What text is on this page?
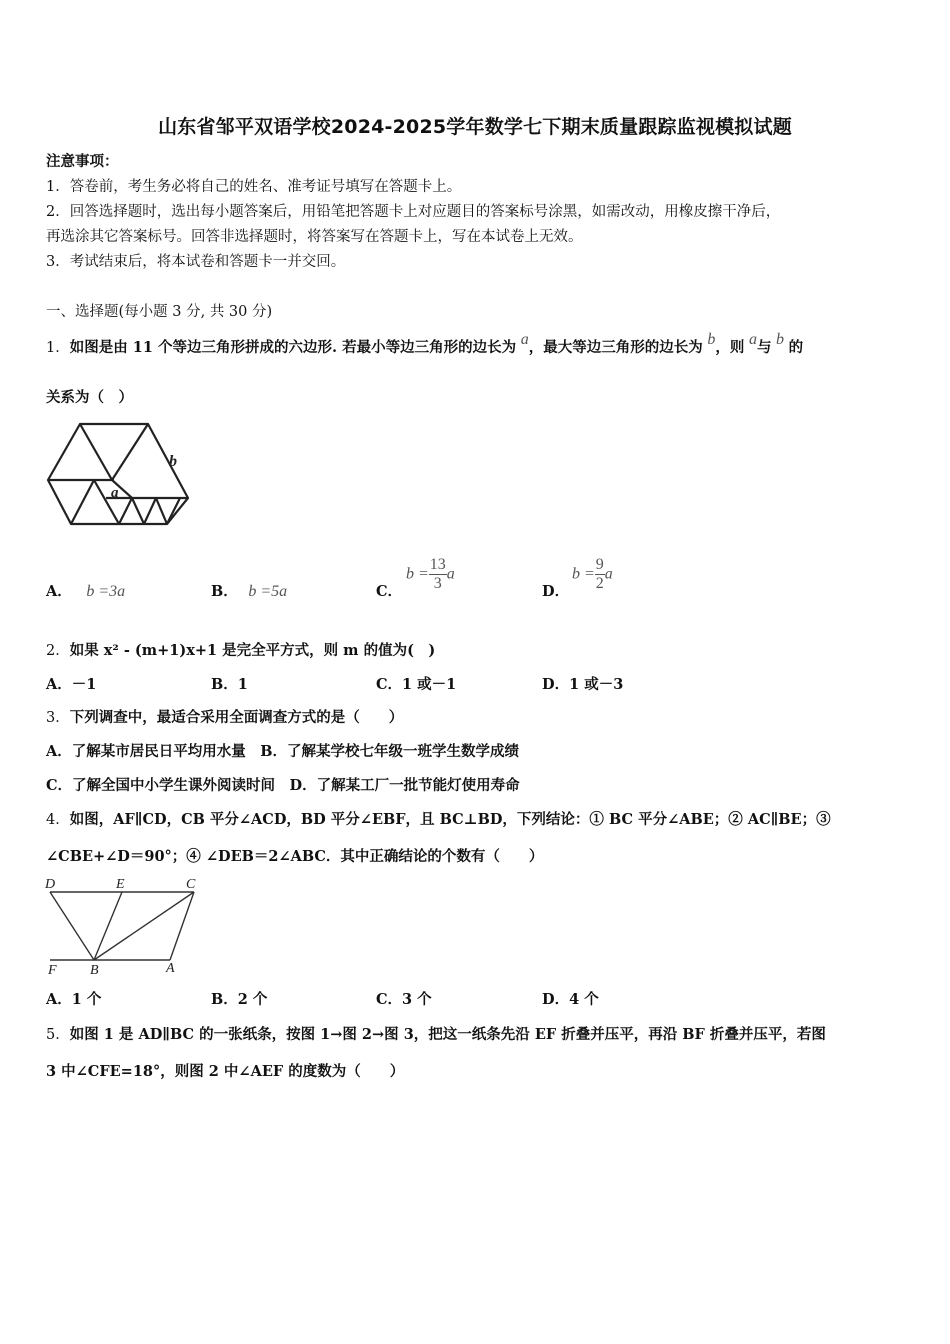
山东省邹平双语学校2024-2025学年数学七下期末质量跟踪监视模拟试题
注意事项：
1．答卷前，考生务必将自己的姓名、准考证号填写在答题卡上。
2．回答选择题时，选出每小题答案后，用铅笔把答题卡上对应题目的答案标号涂黑，如需改动，用橡皮擦干净后，
再选涂其它答案标号。回答非选择题时，将答案写在答题卡上，写在本试卷上无效。
3．考试结束后，将本试卷和答题卡一并交回。
一、选择题(每小题 3 分, 共 30 分)
1．如图是由 11 个等边三角形拼成的六边形. 若最小等边三角形的边长为 a，最大等边三角形的边长为 b，则 a与 b 的
关系为（　）
b
a
A． b =3a	B． b =5a	C．
$b = \frac{13}{3}$ a
D．
$b = \frac{9}{2}$ a
2．如果 x² - (m+1)x+1 是完全平方式，则 m 的值为(　)
A．－1	B．1	C．1 或－1	D．1 或－3
3．下列调查中，最适合采用全面调查方式的是（　　）
A．了解某市居民日平均用水量　B．了解某学校七年级一班学生数学成绩
C．了解全国中小学生课外阅读时间　D．了解某工厂一批节能灯使用寿命
4．如图，AF∥CD，CB 平分∠ACD，BD 平分∠EBF，且 BC⊥BD，下列结论：① BC 平分∠ABE；② AC∥BE；③
∠CBE+∠D＝90°；④ ∠DEB＝2∠ABC．其中正确结论的个数有（　　）
D	E	C
F B	A
A．1 个	B．2 个	C．3 个	D．4 个
5．如图 1 是 AD∥BC 的一张纸条，按图 1→图 2→图 3，把这一纸条先沿 EF 折叠并压平，再沿 BF 折叠并压平，若图
3 中∠CFE=18°，则图 2 中∠AEF 的度数为（　　）
